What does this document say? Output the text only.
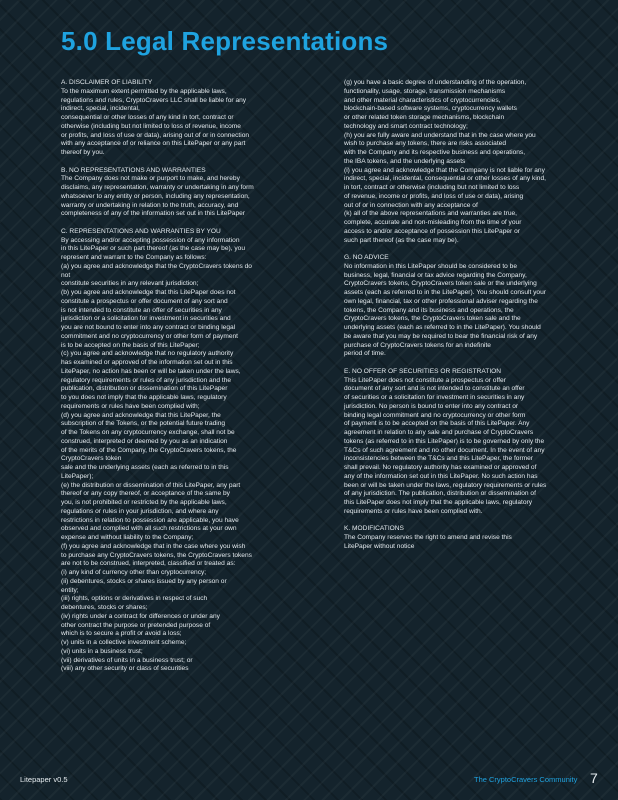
5.0 Legal Representations
A. DISCLAIMER OF LIABILITY
To the maximum extent permitted by the applicable laws,
regulations and rules, CryptoCravers LLC shall be liable for any
indirect, special, incidental,
consequential or other losses of any kind in tort, contract or
otherwise (including but not limited to loss of revenue, income
or profits, and loss of use or data), arising out of or in connection
with any acceptance of or reliance on this LitePaper or any part
thereof by you.
B. NO REPRESENTATIONS AND WARRANTIES
The Company does not make or purport to make, and hereby
disclaims, any representation, warranty or undertaking in any form
whatsoever to any entity or person, including any representation,
warranty or undertaking in relation to the truth, accuracy, and
completeness of any of the information set out in this LitePaper
C. REPRESENTATIONS AND WARRANTIES BY YOU
By accessing and/or accepting possession of any information
in this LitePaper or such part thereof (as the case may be), you
represent and warrant to the Company as follows:
(a) you agree and acknowledge that the CryptoCravers tokens do
not
constitute securities in any relevant jurisdiction;
(b) you agree and acknowledge that this LitePaper does not
constitute a prospectus or offer document of any sort and
is not intended to constitute an offer of securities in any
jurisdiction or a solicitation for investment in securities and
you are not bound to enter into any contract or binding legal
commitment and no cryptocurrency or other form of payment
is to be accepted on the basis of this LitePaper;
(c) you agree and acknowledge that no regulatory authority
has examined or approved of the information set out in this
LitePaper, no action has been or will be taken under the laws,
regulatory requirements or rules of any jurisdiction and the
publication, distribution or dissemination of this LitePaper
to you does not imply that the applicable laws, regulatory
requirements or rules have been complied with;
(d) you agree and acknowledge that this LitePaper, the
subscription of the Tokens, or the potential future trading
of the Tokens on any cryptocurrency exchange, shall not be
construed, interpreted or deemed by you as an indication
of the merits of the Company, the CryptoCravers tokens, the
CryptoCravers token
sale and the underlying assets (each as referred to in this
LitePaper);
(e) the distribution or dissemination of this LitePaper, any part
thereof or any copy thereof, or acceptance of the same by
you, is not prohibited or restricted by the applicable laws,
regulations or rules in your jurisdiction, and where any
restrictions in relation to possession are applicable, you have
observed and complied with all such restrictions at your own
expense and without liability to the Company;
(f) you agree and acknowledge that in the case where you wish
to purchase any CryptoCravers tokens, the CryptoCravers tokens
are not to be construed, interpreted, classified or treated as:
(i) any kind of currency other than cryptocurrency;
(ii) debentures, stocks or shares issued by any person or
entity;
(iii) rights, options or derivatives in respect of such
debentures, stocks or shares;
(iv) rights under a contract for differences or under any
other contract the purpose or pretended purpose of
which is to secure a profit or avoid a loss;
(v) units in a collective investment scheme;
(vi) units in a business trust;
(vii) derivatives of units in a business trust; or
(viii) any other security or class of securities
(g) you have a basic degree of understanding of the operation,
functionality, usage, storage, transmission mechanisms
and other material characteristics of cryptocurrencies,
blockchain-based software systems, cryptocurrency wallets
or other related token storage mechanisms, blockchain
technology and smart contract technology;
(h) you are fully aware and understand that in the case where you
wish to purchase any tokens, there are risks associated
with the Company and its respective business and operations,
the IBA tokens, and the underlying assets
(i) you agree and acknowledge that the Company is not liable for any
indirect, special, incidental, consequential or other losses of any kind,
in tort, contract or otherwise (including but not limited to loss
of revenue, income or profits, and loss of use or data), arising
out of or in connection with any acceptance of
(k) all of the above representations and warranties are true,
complete, accurate and non-misleading from the time of your
access to and/or acceptance of possession this LitePaper or
such part thereof (as the case may be).
G. NO ADVICE
No information in this LitePaper should be considered to be
business, legal, financial or tax advice regarding the Company,
CryptoCravers tokens, CryptoCravers token sale or the underlying
assets (each as referred to in the LitePaper). You should consult your
own legal, financial, tax or other professional adviser regarding the
tokens, the Company and its business and operations, the
CryptoCravers tokens, the CryptoCravers token sale and the
underlying assets (each as referred to in the LitePaper). You should
be aware that you may be required to bear the financial risk of any
purchase of CryptoCravers tokens for an indefinite
period of time.
E. NO OFFER OF SECURITIES OR REGISTRATION
This LitePaper does not constitute a prospectus or offer
document of any sort and is not intended to constitute an offer
of securities or a solicitation for investment in securities in any
jurisdiction. No person is bound to enter into any contract or
binding legal commitment and no cryptocurrency or other form
of payment is to be accepted on the basis of this LitePaper. Any
agreement in relation to any sale and purchase of CryptoCravers
tokens (as referred to in this LitePaper) is to be governed by only the
T&Cs of such agreement and no other document. In the event of any
inconsistencies between the T&Cs and this LitePaper, the former
shall prevail. No regulatory authority has examined or approved of
any of the information set out in this LitePaper. No such action has
been or will be taken under the laws, regulatory requirements or rules
of any jurisdiction. The publication, distribution or dissemination of
this LitePaper does not imply that the applicable laws, regulatory
requirements or rules have been complied with.
K. MODIFICATIONS
The Company reserves the right to amend and revise this
LitePaper without notice
Litepaper v0.5	The CryptoCravers Community 7
